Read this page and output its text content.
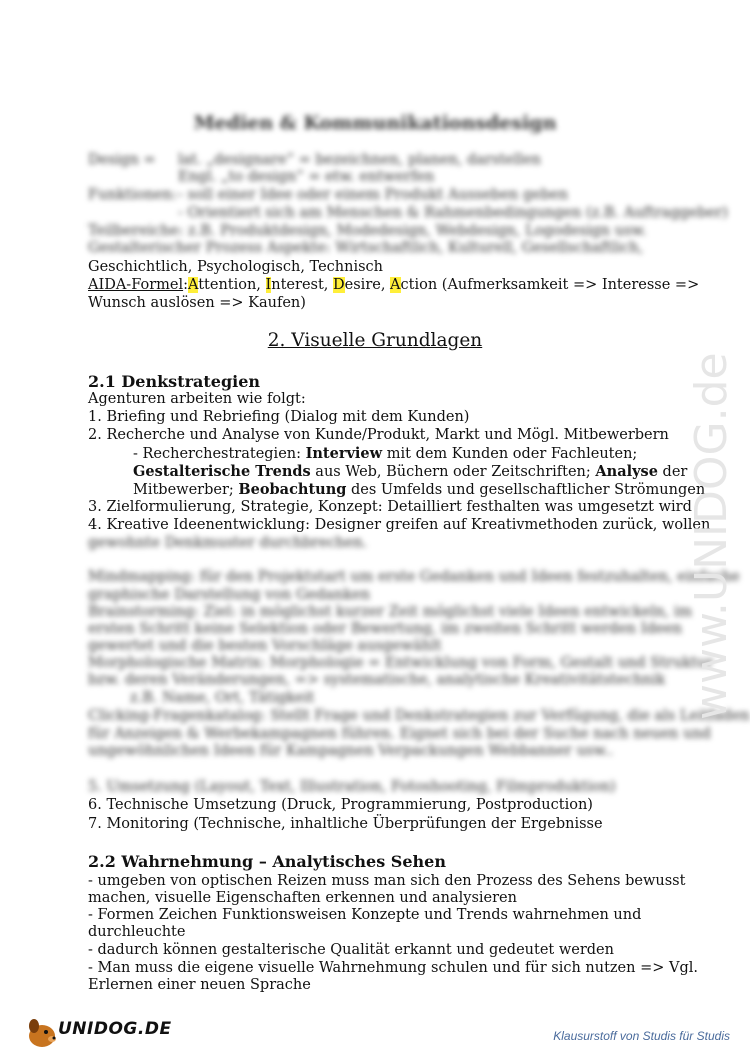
Medien & Kommunikationsdesign
Design = lat. „designare“ = bezeichnen, planen, darstellen
Engl. „to design“ = etw. entwerfen
Funktionen: - soll einer Idee oder einem Produkt Ausseben geben
- Orientiert sich am Menschen & Rahmenbedingungen (z.B. Auftraggeber)
Teilbereiche: z.B. Produktdesign, Modedesign, Webdesign, Logodesign usw.
Gestalterischer Prozess Aspekte: Wirtschaftlich, Kulturell, Gesellschaftlich,
Geschichtlich, Psychologisch, Technisch
AIDA-Formel:Attention, Interest, Desire, Action (Aufmerksamkeit => Interesse =>
Wunsch auslösen => Kaufen)
2. Visuelle Grundlagen
2.1 Denkstrategien
Agenturen arbeiten wie folgt:
1. Briefing und Rebriefing (Dialog mit dem Kunden)
2. Recherche und Analyse von Kunde/Produkt, Markt und Mögl. Mitbewerbern
- Recherchestrategien: Interview mit dem Kunden oder Fachleuten;
Gestalterische Trends aus Web, Büchern oder Zeitschriften; Analyse der
Mitbewerber; Beobachtung des Umfelds und gesellschaftlicher Strömungen
3. Zielformulierung, Strategie, Konzept: Detailliert festhalten was umgesetzt wird
4. Kreative Ideenentwicklung: Designer greifen auf Kreativmethoden zurück, wollen
gewohnte Denkmuster durchbrechen.
Mindmapping: für den Projektstart um erste Gedanken und Ideen festzuhalten, einfache
graphische Darstellung von Gedanken
Brainstorming: Ziel: in möglichst kurzer Zeit möglichst viele Ideen entwickeln, im
ersten Schritt keine Selektion oder Bewertung, im zweiten Schritt werden Ideen
gewertet und die besten Vorschläge ausgewählt
Morphologische Matrix: Morphologie = Entwicklung von Form, Gestalt und Struktur
bzw. deren Veränderungen, => systematische, analytische Kreativitätstechnik
z.B. Name, Ort, Tätigkeit
Clicking-Fragenkatalog: Stellt Frage und Denkstrategien zur Verfügung, die als Leitfaden
für Anzeigen & Werbekampagnen führen. Eignet sich bei der Suche nach neuen und
ungewöhnlichen Ideen für Kampagnen Verpackungen Webbanner usw..
5. Umsetzung (Layout, Text, Illustration, Fotoshooting, Filmproduktion)
6. Technische Umsetzung (Druck, Programmierung, Postproduction)
7. Monitoring (Technische, inhaltliche Überprüfungen der Ergebnisse
2.2 Wahrnehmung – Analytisches Sehen
- umgeben von optischen Reizen muss man sich den Prozess des Sehens bewusst
machen, visuelle Eigenschaften erkennen und analysieren
- Formen Zeichen Funktionsweisen Konzepte und Trends wahrnehmen und
durchleuchte
- dadurch können gestalterische Qualität erkannt und gedeutet werden
- Man muss die eigene visuelle Wahrnehmung schulen und für sich nutzen => Vgl.
Erlernen einer neuen Sprache
www.UNIDOG.de
UNIDOG.DE	Klausurstoff von Studis für Studis
